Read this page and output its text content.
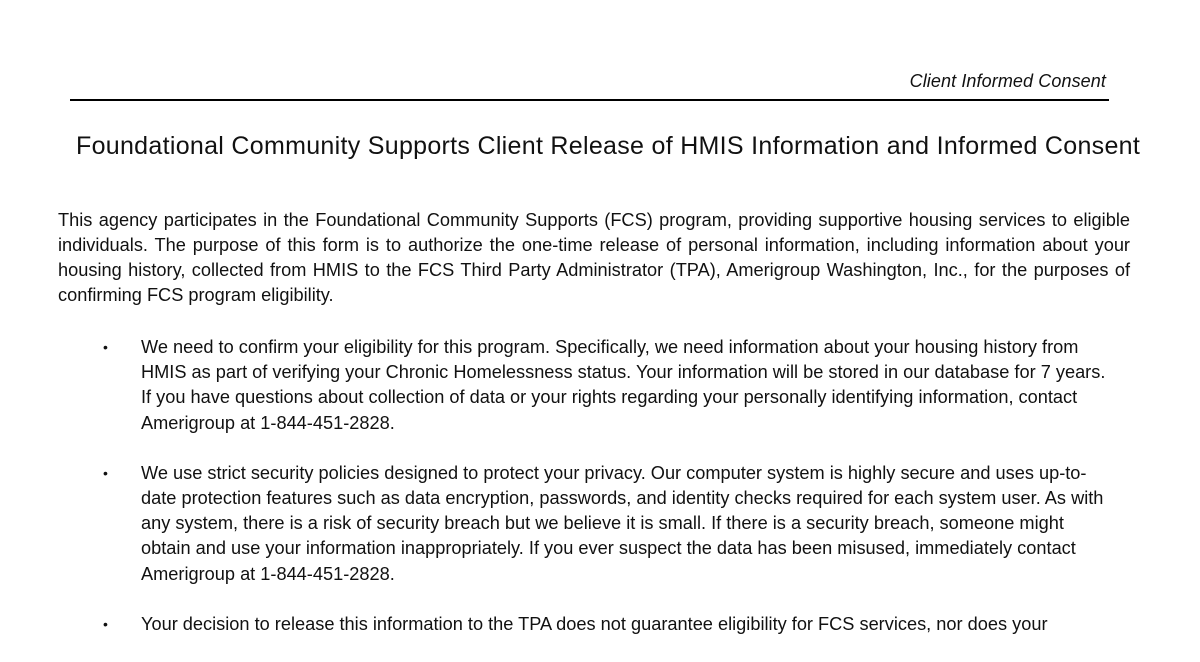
Client Informed Consent
Foundational Community Supports Client Release of HMIS Information and Informed Consent

This agency participates in the Foundational Community Supports (FCS) program, providing supportive housing services to eligible individuals. The purpose of this form is to authorize the one-time release of personal information, including information about your housing history, collected from HMIS to the FCS Third Party Administrator (TPA), Amerigroup Washington, Inc., for the purposes of confirming FCS program eligibility.

• We need to confirm your eligibility for this program. Specifically, we need information about your housing history from HMIS as part of verifying your Chronic Homelessness status. Your information will be stored in our database for 7 years. If you have questions about collection of data or your rights regarding your personally identifying information, contact Amerigroup at 1-844-451-2828.
• We use strict security policies designed to protect your privacy. Our computer system is highly secure and uses up-to-date protection features such as data encryption, passwords, and identity checks required for each system user. As with any system, there is a risk of security breach but we believe it is small. If there is a security breach, someone might obtain and use your information inappropriately. If you ever suspect the data has been misused, immediately contact Amerigroup at 1-844-451-2828.
• Your decision to release this information to the TPA does not guarantee eligibility for FCS services, nor does your
